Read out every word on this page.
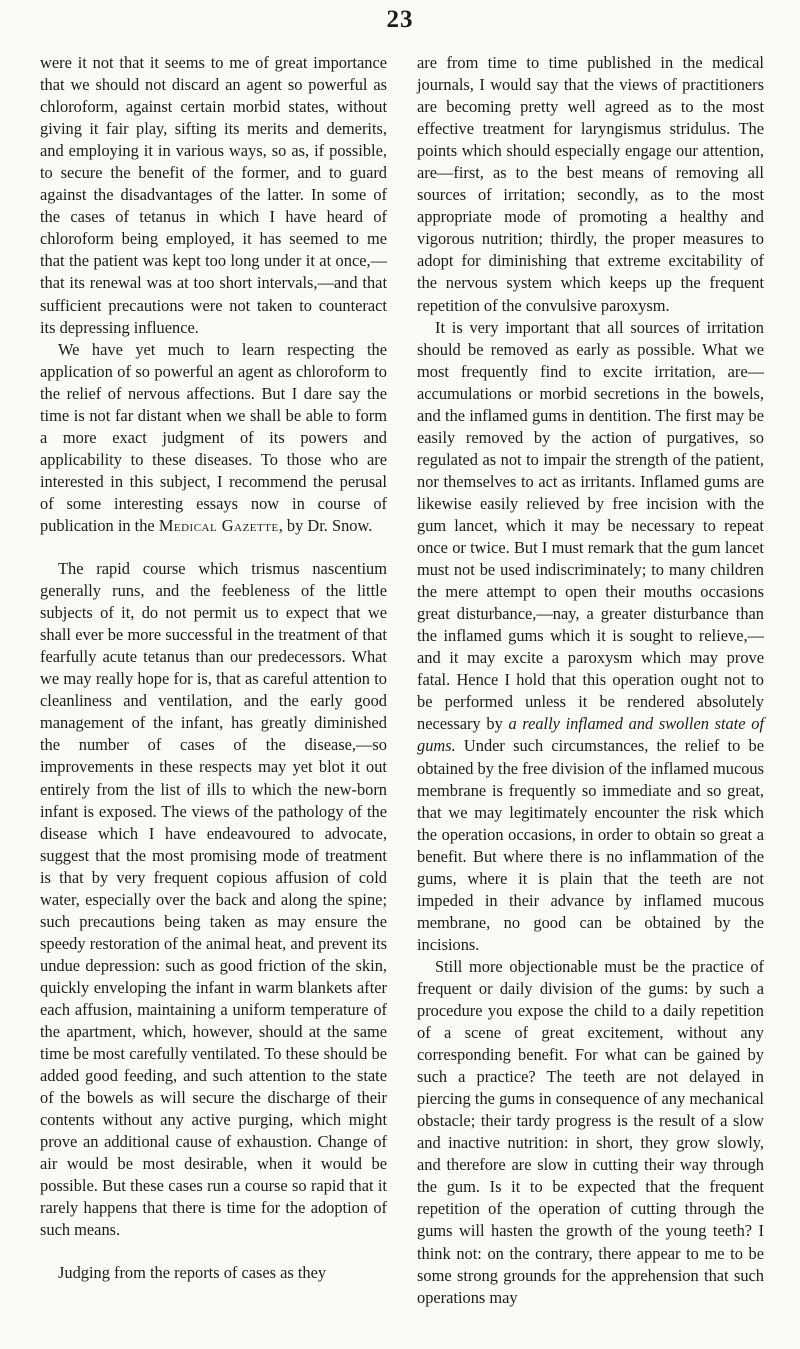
23

were it not that it seems to me of great importance that we should not discard an agent so powerful as chloroform, against certain morbid states, without giving it fair play, sifting its merits and demerits, and employing it in various ways, so as, if possible, to secure the benefit of the former, and to guard against the disadvantages of the latter. In some of the cases of tetanus in which I have heard of chloroform being employed, it has seemed to me that the patient was kept too long under it at once,—that its renewal was at too short intervals,—and that sufficient precautions were not taken to counteract its depressing influence.

We have yet much to learn respecting the application of so powerful an agent as chloroform to the relief of nervous affections. But I dare say the time is not far distant when we shall be able to form a more exact judgment of its powers and applicability to these diseases. To those who are interested in this subject, I recommend the perusal of some interesting essays now in course of publication in the Medical Gazette, by Dr. Snow.

The rapid course which trismus nascentium generally runs, and the feebleness of the little subjects of it, do not permit us to expect that we shall ever be more successful in the treatment of that fearfully acute tetanus than our predecessors. What we may really hope for is, that as careful attention to cleanliness and ventilation, and the early good management of the infant, has greatly diminished the number of cases of the disease,—so improvements in these respects may yet blot it out entirely from the list of ills to which the new-born infant is exposed. The views of the pathology of the disease which I have endeavoured to advocate, suggest that the most promising mode of treatment is that by very frequent copious affusion of cold water, especially over the back and along the spine; such precautions being taken as may ensure the speedy restoration of the animal heat, and prevent its undue depression: such as good friction of the skin, quickly enveloping the infant in warm blankets after each affusion, maintaining a uniform temperature of the apartment, which, however, should at the same time be most carefully ventilated. To these should be added good feeding, and such attention to the state of the bowels as will secure the discharge of their contents without any active purging, which might prove an additional cause of exhaustion. Change of air would be most desirable, when it would be possible. But these cases run a course so rapid that it rarely happens that there is time for the adoption of such means.

Judging from the reports of cases as they

are from time to time published in the medical journals, I would say that the views of practitioners are becoming pretty well agreed as to the most effective treatment for laryngismus stridulus. The points which should especially engage our attention, are—first, as to the best means of removing all sources of irritation; secondly, as to the most appropriate mode of promoting a healthy and vigorous nutrition; thirdly, the proper measures to adopt for diminishing that extreme excitability of the nervous system which keeps up the frequent repetition of the convulsive paroxysm.

It is very important that all sources of irritation should be removed as early as possible. What we most frequently find to excite irritation, are—accumulations or morbid secretions in the bowels, and the inflamed gums in dentition. The first may be easily removed by the action of purgatives, so regulated as not to impair the strength of the patient, nor themselves to act as irritants. Inflamed gums are likewise easily relieved by free incision with the gum lancet, which it may be necessary to repeat once or twice. But I must remark that the gum lancet must not be used indiscriminately; to many children the mere attempt to open their mouths occasions great disturbance,—nay, a greater disturbance than the inflamed gums which it is sought to relieve,—and it may excite a paroxysm which may prove fatal. Hence I hold that this operation ought not to be performed unless it be rendered absolutely necessary by a really inflamed and swollen state of gums. Under such circumstances, the relief to be obtained by the free division of the inflamed mucous membrane is frequently so immediate and so great, that we may legitimately encounter the risk which the operation occasions, in order to obtain so great a benefit. But where there is no inflammation of the gums, where it is plain that the teeth are not impeded in their advance by inflamed mucous membrane, no good can be obtained by the incisions.

Still more objectionable must be the practice of frequent or daily division of the gums: by such a procedure you expose the child to a daily repetition of a scene of great excitement, without any corresponding benefit. For what can be gained by such a practice? The teeth are not delayed in piercing the gums in consequence of any mechanical obstacle; their tardy progress is the result of a slow and inactive nutrition: in short, they grow slowly, and therefore are slow in cutting their way through the gum. Is it to be expected that the frequent repetition of the operation of cutting through the gums will hasten the growth of the young teeth? I think not: on the contrary, there appear to me to be some strong grounds for the apprehension that such operations may
